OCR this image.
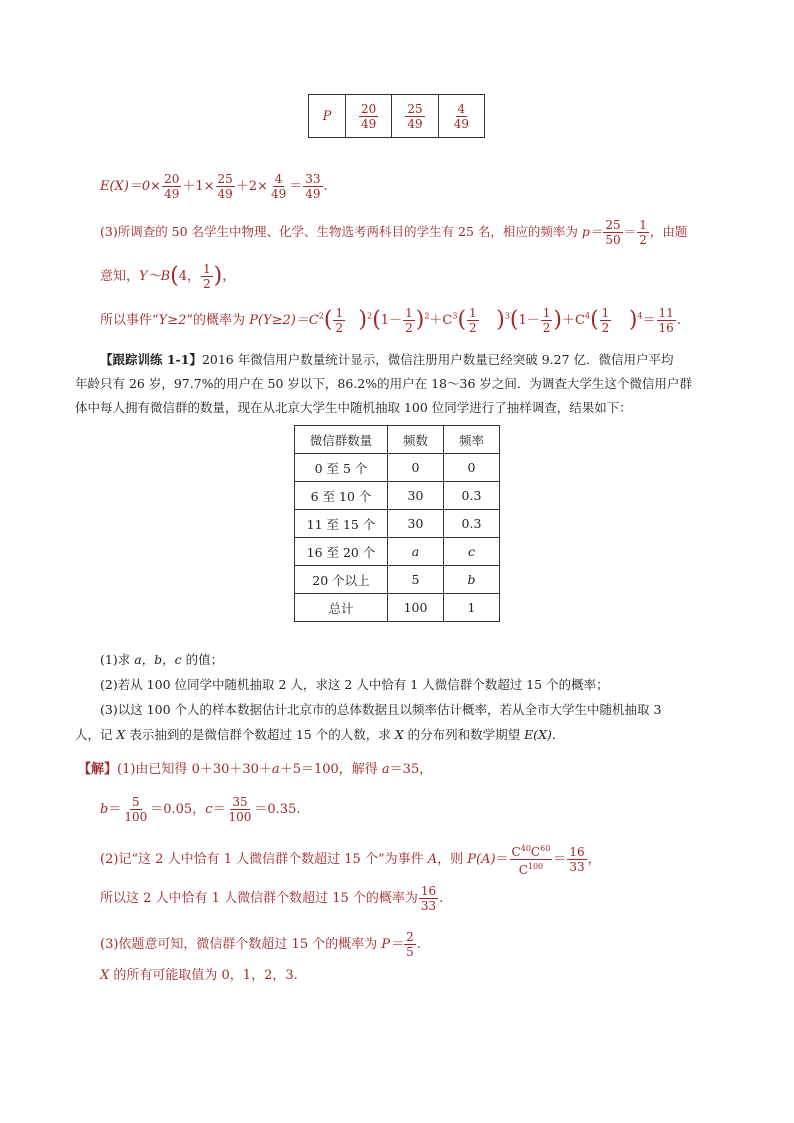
P	$\frac{20}{49}$	$\frac{25}{49}$	$\frac{4}{49}$
$E(X)=0\times \frac{20}{49} +1\times \frac{25}{49} +2\times \frac{4}{49} = \frac{33}{49}$ .
(3)所调查的 50 名学生中物理、化学、生物选考两科目的学生有 25 名，相应的频率为 $p= \frac{25}{50} = \frac{1}{2}$ ，由题
意知，Y～B(4， $\frac{1}{2}$ )，
所以事件“Y≥2”的概率为 $P(Y\ge 2)=C^2( \frac{1}{2} )^2(1- \frac{1}{2} )^2+C^3( \frac{1}{2} )^3(1- \frac{1}{2} )+C^4( \frac{1}{2} )^4= \frac{11}{16}$ .
【跟踪训练 1-1】2016 年微信用户数量统计显示，微信注册用户数量已经突破 9.27 亿．微信用户平均
年龄只有 26 岁，97.7%的用户在 50 岁以下，86.2%的用户在 18～36 岁之间．为调查大学生这个微信用户群
体中每人拥有微信群的数量，现在从北京大学生中随机抽取 100 位同学进行了抽样调查，结果如下：
微信群数量	频数	频率
0 至 5 个	0	0
6 至 10 个	30	0.3
11 至 15 个	30	0.3
16 至 20 个	a	c
20 个以上	5	b
总计	100	1
(1)求 a，b，c 的值；
(2)若从 100 位同学中随机抽取 2 人，求这 2 人中恰有 1 人微信群个数超过 15 个的概率；
(3)以这 100 个人的样本数据估计北京市的总体数据且以频率估计概率，若从全市大学生中随机抽取 3
人，记 X 表示抽到的是微信群个数超过 15 个的人数，求 X 的分布列和数学期望 E(X)．
【解】(1)由已知得 0＋30＋30＋a＋5＝100，解得 a＝35，
$b= \frac{5}{100} =0.05$，$c= \frac{35}{100} =0.35$.
(2)记“这 2 人中恰有 1 人微信群个数超过 15 个”为事件 A，则 $P(A)= \frac{C^{40}C^{60}}{C^{100}} = \frac{16}{33}$ ，
所以这 2 人中恰有 1 人微信群个数超过 15 个的概率为 $\frac{16}{33}$ .
(3)依题意可知，微信群个数超过 15 个的概率为 $P= \frac{2}{5}$ .
X 的所有可能取值为 0，1，2，3.
